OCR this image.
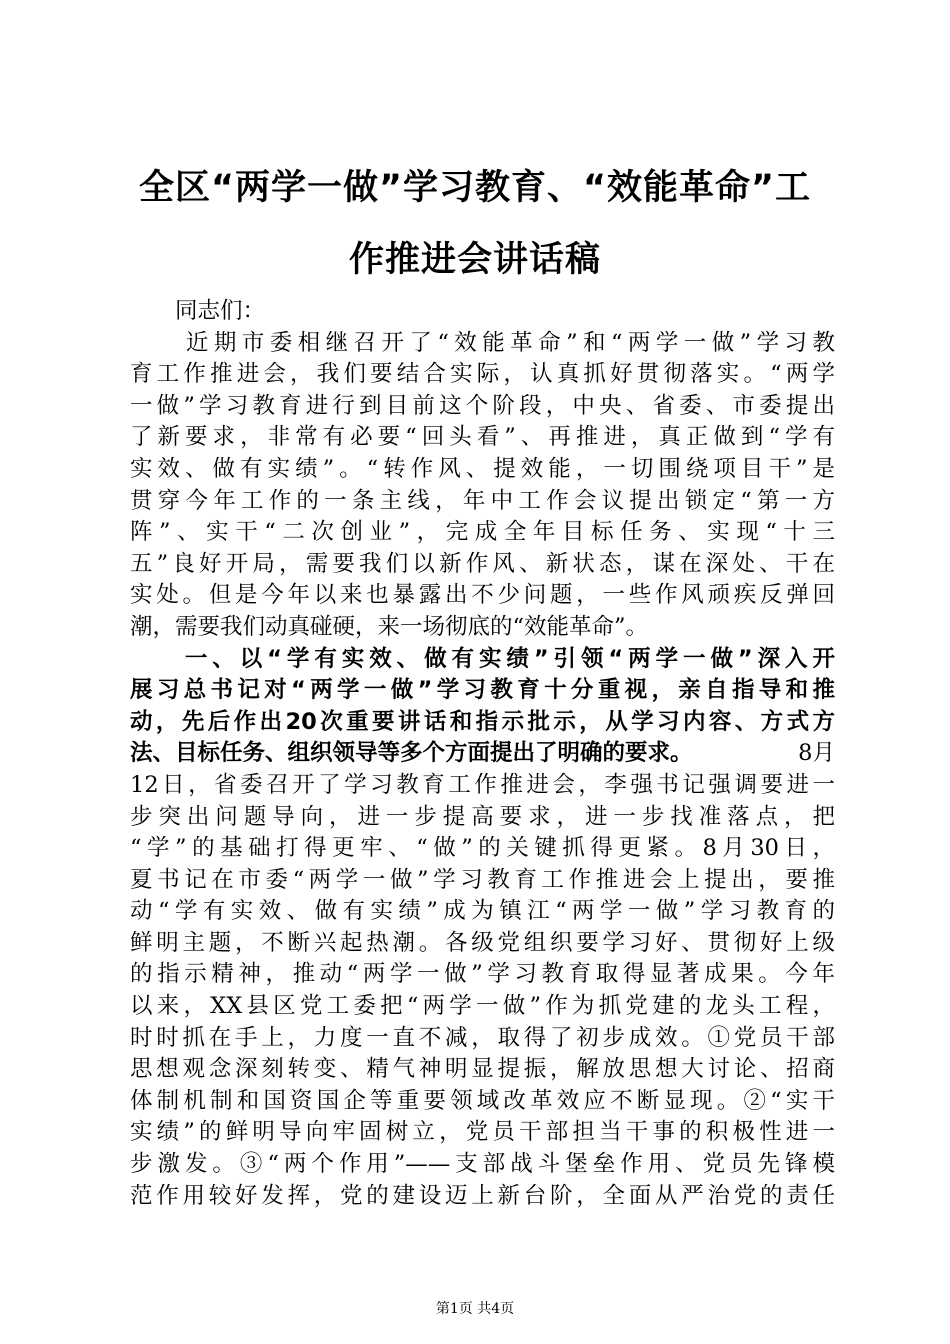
全区“两学一做”学习教育、“效能革命”工
作推进会讲话稿
　　同志们：
　　近期市委相继召开了“效能革命”和“两学一做”学习教
育工作推进会，我们要结合实际，认真抓好贯彻落实。“两学
一做”学习教育进行到目前这个阶段，中央、省委、市委提出
了新要求，非常有必要“回头看”、再推进，真正做到“学有
实效、做有实绩”。“转作风、提效能，一切围绕项目干”是
贯穿今年工作的一条主线，年中工作会议提出锁定“第一方
阵”、实干“二次创业”，完成全年目标任务、实现“十三
五”良好开局，需要我们以新作风、新状态，谋在深处、干在
实处。但是今年以来也暴露出不少问题，一些作风顽疾反弹回
潮，需要我们动真碰硬，来一场彻底的“效能革命”。
　　一、以“学有实效、做有实绩”引领“两学一做”深入开
展习总书记对“两学一做”学习教育十分重视，亲自指导和推
动，先后作出20次重要讲话和指示批示，从学习内容、方式方
法、目标任务、组织领导等多个方面提出了明确的要求。	8月
12日，省委召开了学习教育工作推进会，李强书记强调要进一
步突出问题导向，进一步提高要求，进一步找准落点，把
“学”的基础打得更牢、“做”的关键抓得更紧。8月30日，
夏书记在市委“两学一做”学习教育工作推进会上提出，要推
动“学有实效、做有实绩”成为镇江“两学一做”学习教育的
鲜明主题，不断兴起热潮。各级党组织要学习好、贯彻好上级
的指示精神，推动“两学一做”学习教育取得显著成果。今年
以来，XX县区党工委把“两学一做”作为抓党建的龙头工程，
时时抓在手上，力度一直不减，取得了初步成效。①党员干部
思想观念深刻转变、精气神明显提振，解放思想大讨论、招商
体制机制和国资国企等重要领域改革效应不断显现。②“实干
实绩”的鲜明导向牢固树立，党员干部担当干事的积极性进一
步激发。③“两个作用”——支部战斗堡垒作用、党员先锋模
范作用较好发挥，党的建设迈上新台阶，全面从严治党的责任
第1页 共4页
